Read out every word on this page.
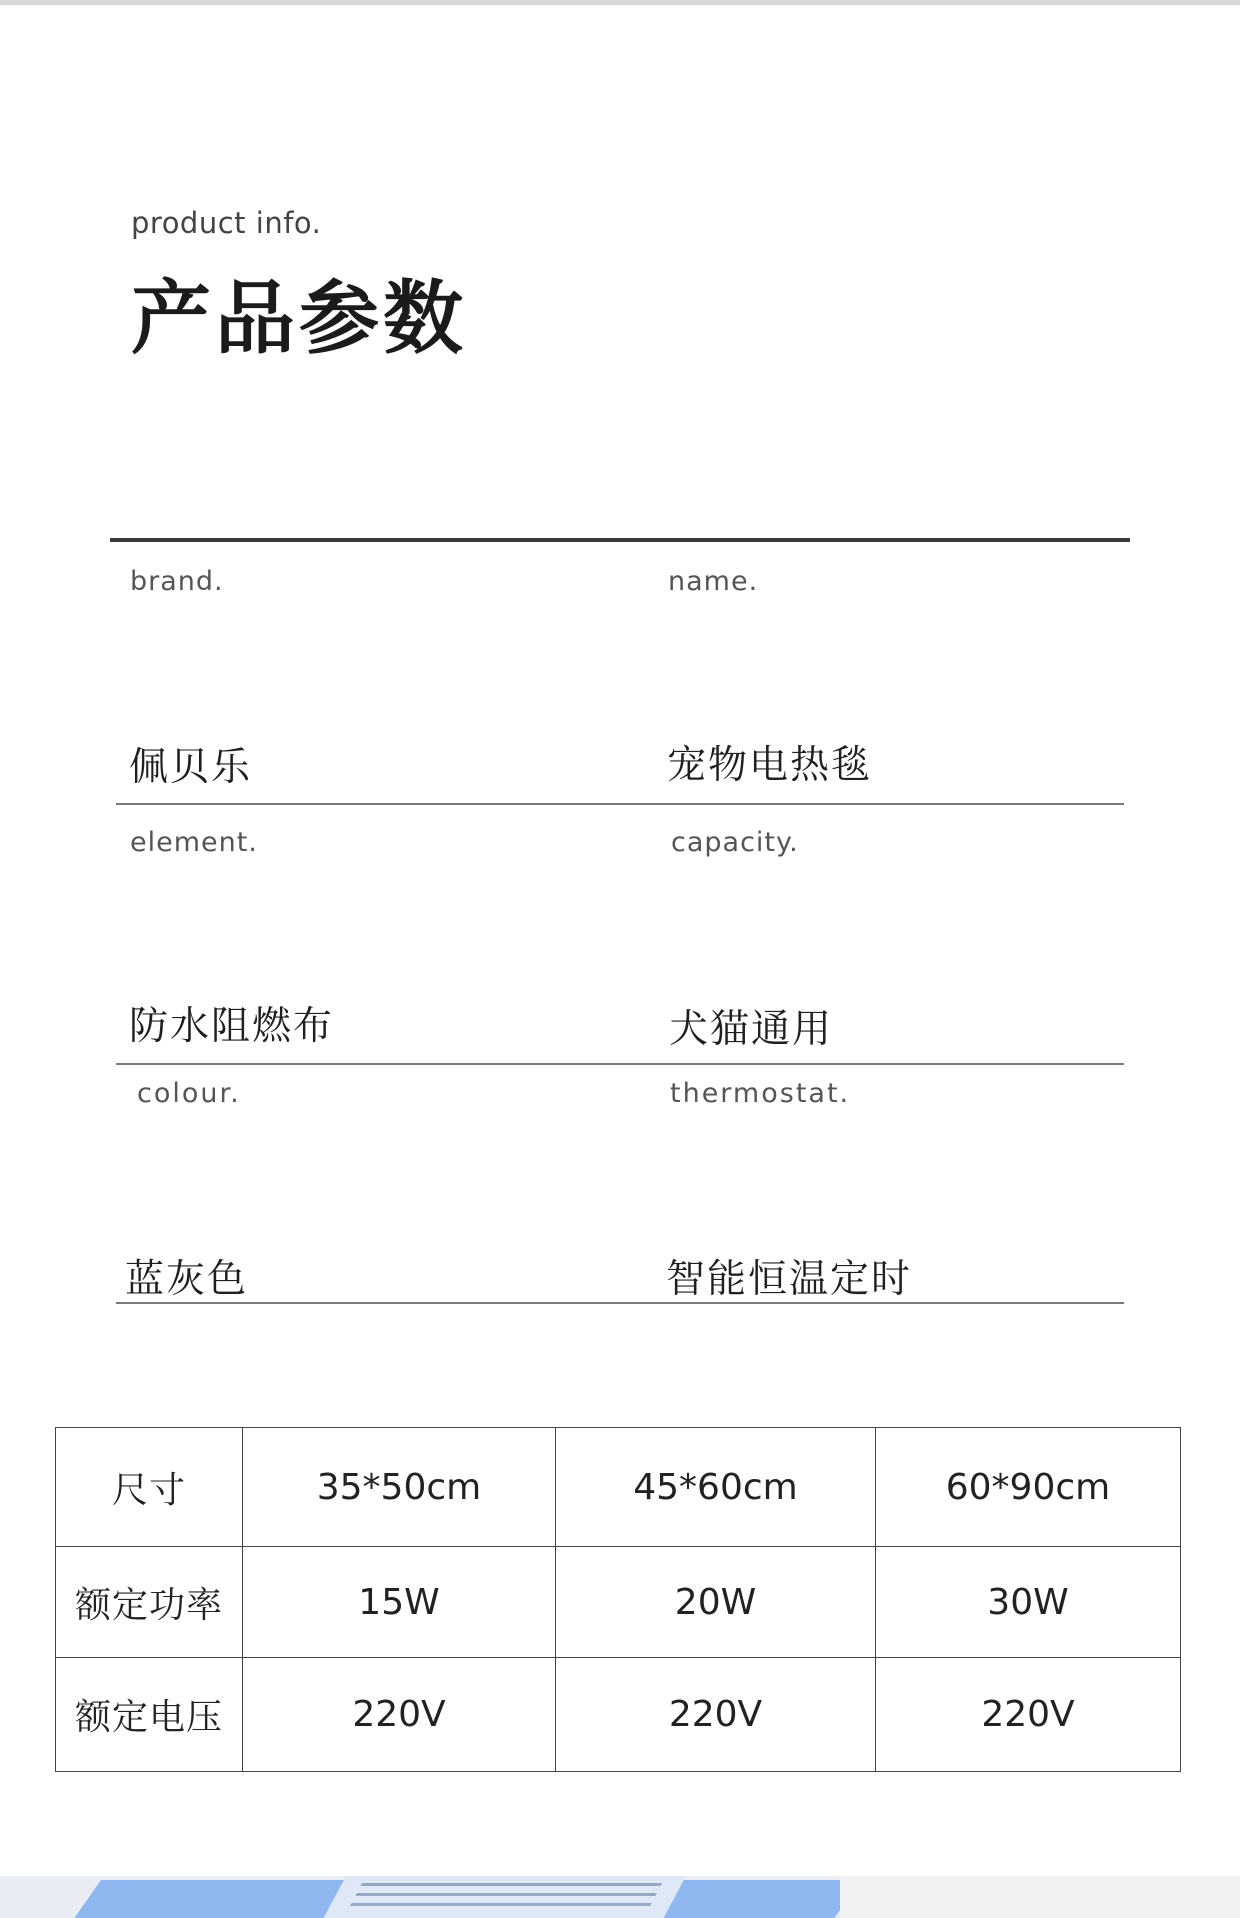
product info.
产品参数
brand.	name.
佩贝乐	宠物电热毯
element.	capacity.
防水阻燃布	犬猫通用
colour.	thermostat.
蓝灰色	智能恒温定时
尺寸	35*50cm	45*60cm	60*90cm
额定功率	15W	20W	30W
额定电压	220V	220V	220V
